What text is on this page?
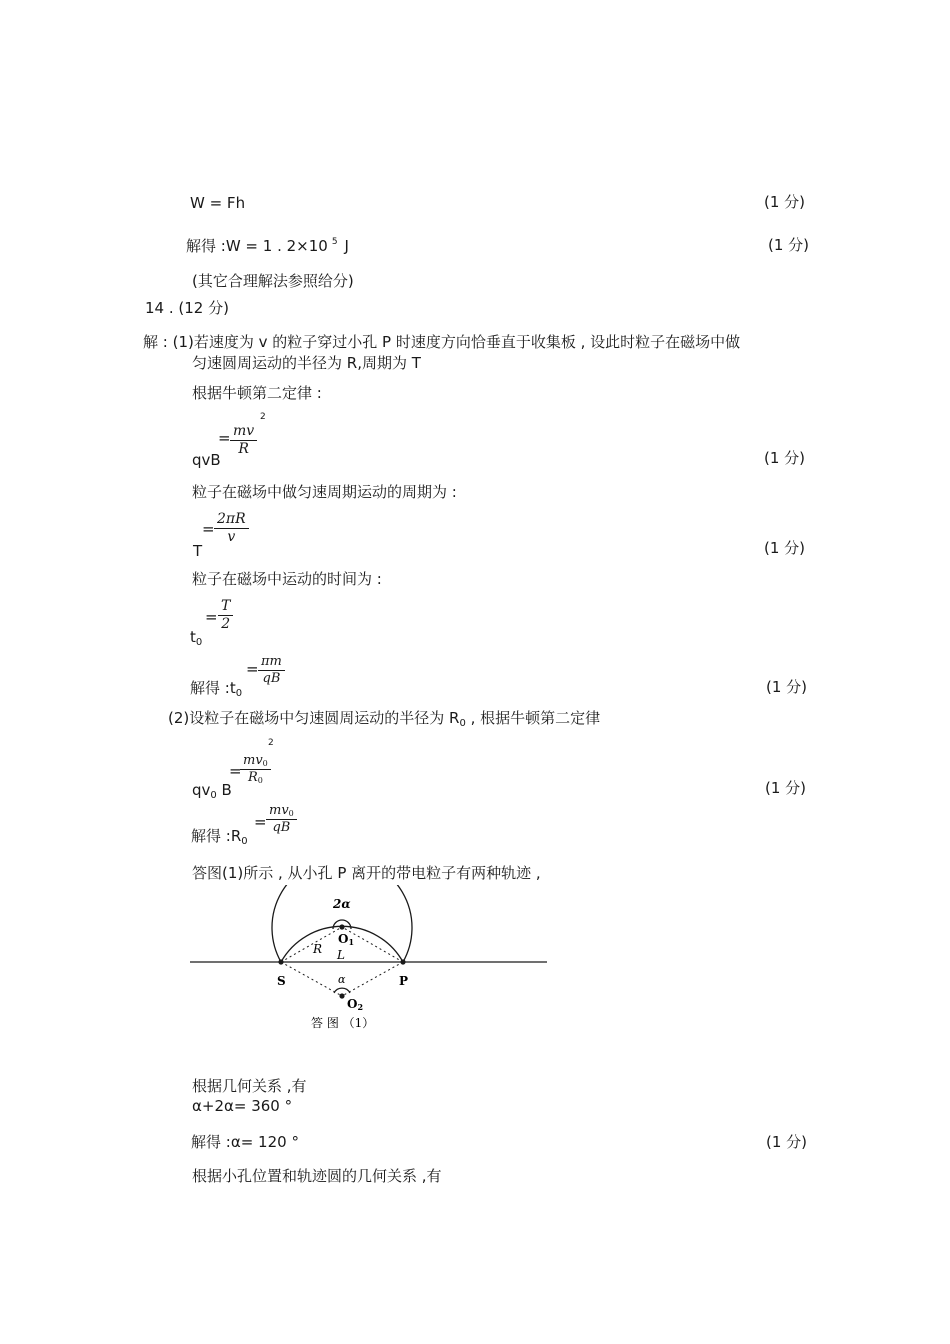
W = Fh	(1 分)
解得 :W = 1 . 2×10 $^5$ J	(1 分)
(其它合理解法参照给分)
14 . (12 分)
解 : (1)若速度为 v 的粒子穿过小孔 P 时速度方向恰垂直于收集板 , 设此时粒子在磁场中做
匀速圆周运动的半径为 R,周期为 T
根据牛顿第二定律 :
= $\frac{mv}{R}$
2
qvB	(1 分)
粒子在磁场中做匀速周期运动的周期为 :
= $\frac{2\pi R}{v}$
T	(1 分)
粒子在磁场中运动的时间为 :
= $\frac{T}{2}$
$t_0$
= $\frac{\pi m}{qB}$
解得 $:t_0$	(1 分)
(2)设粒子在磁场中匀速圆周运动的半径为 $R_0$ , 根据牛顿第二定律
2
=
$\frac{mv0}{R0}$
$qv_0$ B	(1 分)
= $\frac{mv0}{qB}$
解得 $:R_0$
答图(1)所示 , 从小孔 P 离开的带电粒子有两种轨迹 ,
2α
O1
R L
S	P
α
O2
答 图 （1）
根据几何关系 ,有
α+2α= 360 °
解得 :α= 120 °	(1 分)
根据小孔位置和轨迹圆的几何关系 ,有
